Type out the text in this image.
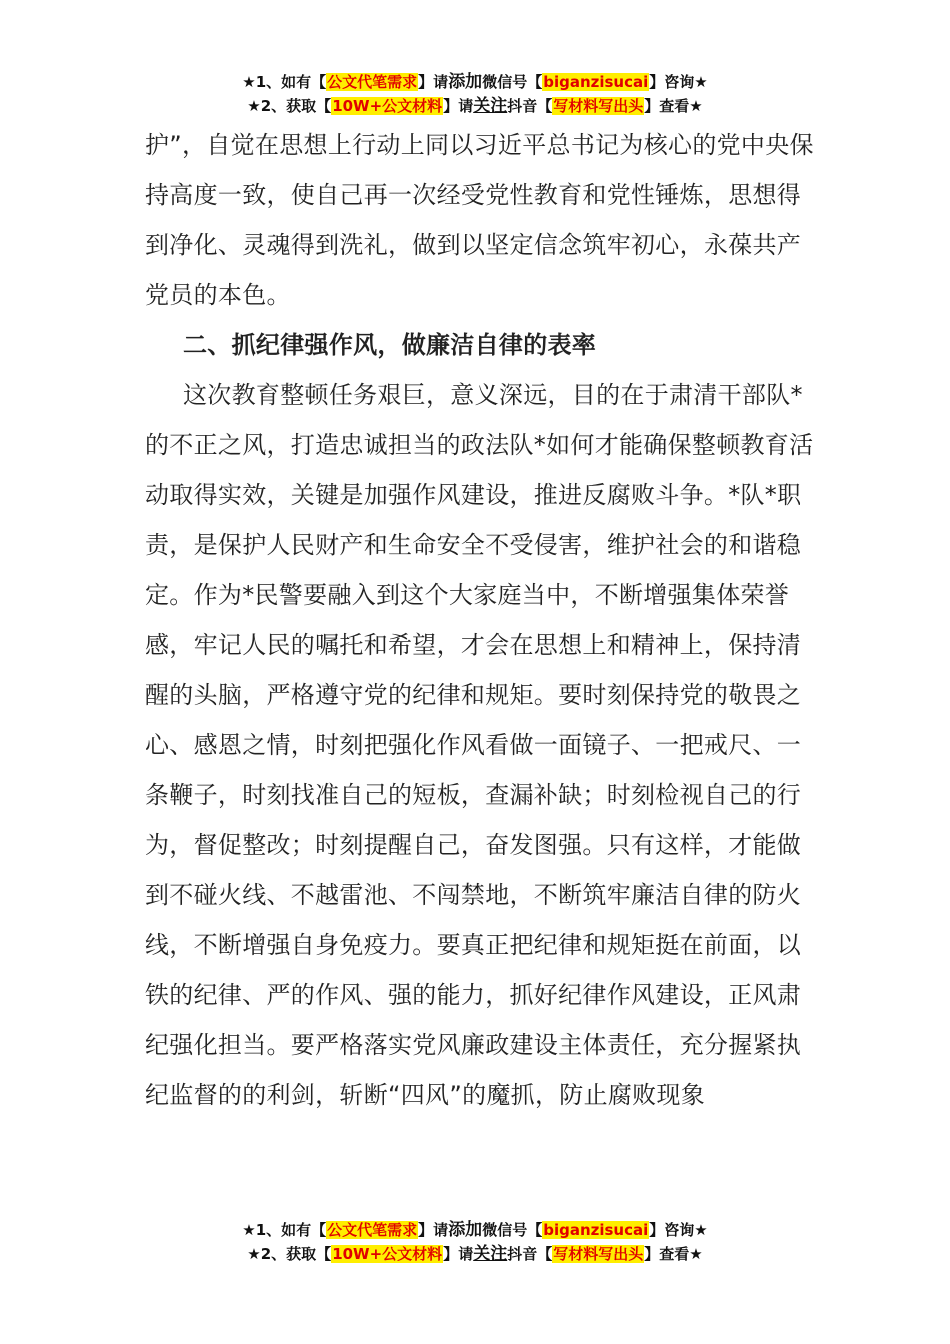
★1、如有【公文代笔需求】请添加微信号【biganzisucai】咨询★
★2、获取【10W+公文材料】请关注抖音【写材料写出头】查看★

护”，自觉在思想上行动上同以习近平总书记为核心的党中央保持高度一致，使自己再一次经受党性教育和党性锤炼，思想得到净化、灵魂得到洗礼，做到以坚定信念筑牢初心，永葆共产党员的本色。

二、抓纪律强作风，做廉洁自律的表率

这次教育整顿任务艰巨，意义深远，目的在于肃清干部队*的不正之风，打造忠诚担当的政法队*如何才能确保整顿教育活动取得实效，关键是加强作风建设，推进反腐败斗争。*队*职责，是保护人民财产和生命安全不受侵害，维护社会的和谐稳定。作为*民警要融入到这个大家庭当中，不断增强集体荣誉感，牢记人民的嘱托和希望，才会在思想上和精神上，保持清醒的头脑，严格遵守党的纪律和规矩。要时刻保持党的敬畏之心、感恩之情，时刻把强化作风看做一面镜子、一把戒尺、一条鞭子，时刻找准自己的短板，查漏补缺；时刻检视自己的行为，督促整改；时刻提醒自己，奋发图强。只有这样，才能做到不碰火线、不越雷池、不闯禁地，不断筑牢廉洁自律的防火线，不断增强自身免疫力。要真正把纪律和规矩挺在前面，以铁的纪律、严的作风、强的能力，抓好纪律作风建设，正风肃纪强化担当。要严格落实党风廉政建设主体责任，充分握紧执纪监督的的利剑，斩断“四风”的魔抓，防止腐败现象

★1、如有【公文代笔需求】请添加微信号【biganzisucai】咨询★
★2、获取【10W+公文材料】请关注抖音【写材料写出头】查看★
